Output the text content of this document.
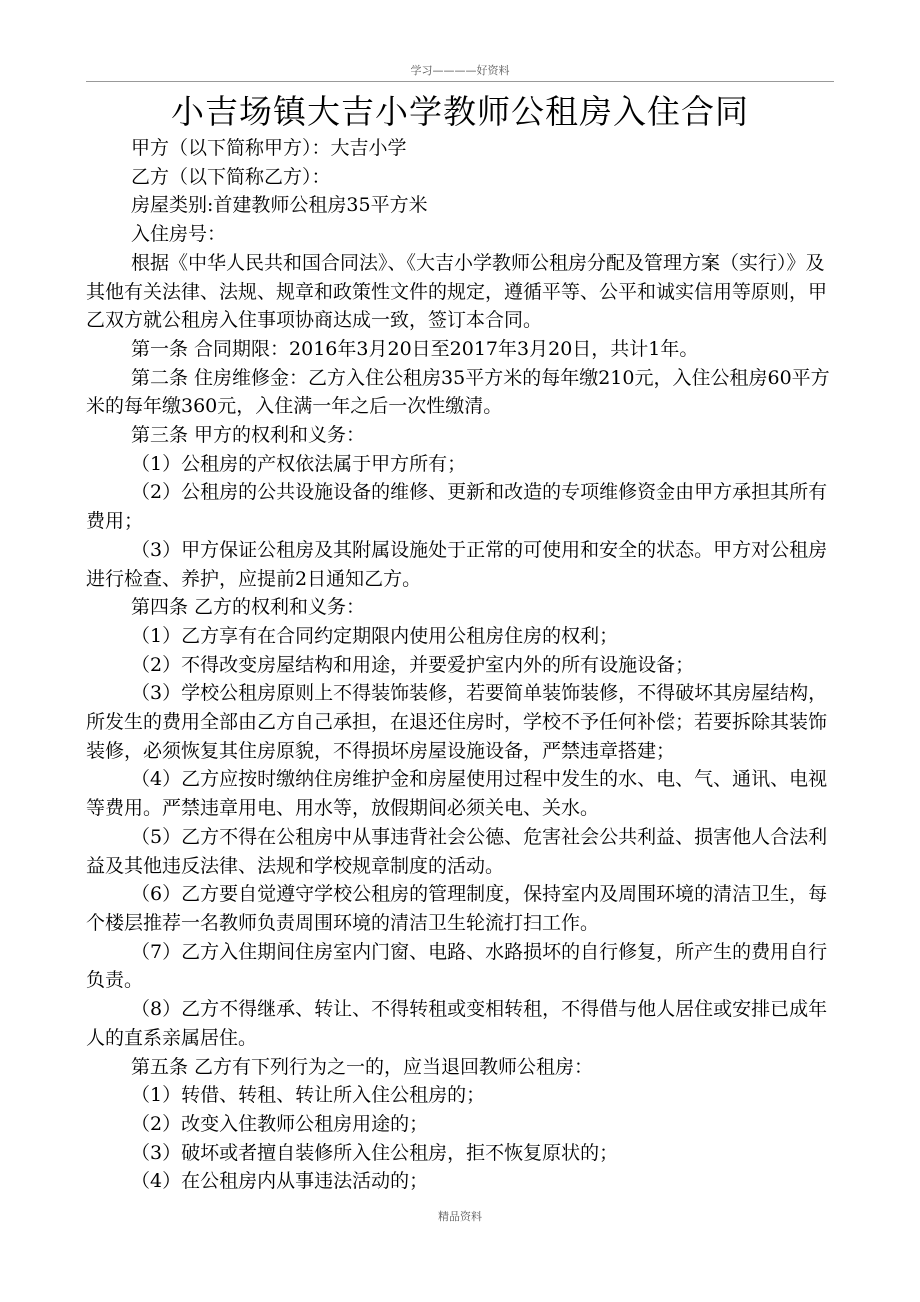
学习————好资料
小吉场镇大吉小学教师公租房入住合同

甲方（以下简称甲方）：大吉小学

乙方（以下简称乙方）：

房屋类别:首建教师公租房35平方米

入住房号：

根据《中华人民共和国合同法》、《大吉小学教师公租房分配及管理方案（实行）》及其他有关法律、法规、规章和政策性文件的规定，遵循平等、公平和诚实信用等原则，甲乙双方就公租房入住事项协商达成一致，签订本合同。

第一条 合同期限：2016年3月20日至2017年3月20日，共计1年。

第二条 住房维修金：乙方入住公租房35平方米的每年缴210元，入住公租房60平方米的每年缴360元，入住满一年之后一次性缴清。

第三条 甲方的权利和义务：

（1）公租房的产权依法属于甲方所有；

（2）公租房的公共设施设备的维修、更新和改造的专项维修资金由甲方承担其所有费用；

（3）甲方保证公租房及其附属设施处于正常的可使用和安全的状态。甲方对公租房进行检查、养护，应提前2日通知乙方。

第四条 乙方的权利和义务：

（1）乙方享有在合同约定期限内使用公租房住房的权利；

（2）不得改变房屋结构和用途，并要爱护室内外的所有设施设备；

（3）学校公租房原则上不得装饰装修，若要简单装饰装修，不得破坏其房屋结构，所发生的费用全部由乙方自己承担，在退还住房时，学校不予任何补偿；若要拆除其装饰装修，必须恢复其住房原貌，不得损坏房屋设施设备，严禁违章搭建；

（4）乙方应按时缴纳住房维护金和房屋使用过程中发生的水、电、气、通讯、电视等费用。严禁违章用电、用水等，放假期间必须关电、关水。

（5）乙方不得在公租房中从事违背社会公德、危害社会公共利益、损害他人合法利益及其他违反法律、法规和学校规章制度的活动。

（6）乙方要自觉遵守学校公租房的管理制度，保持室内及周围环境的清洁卫生，每个楼层推荐一名教师负责周围环境的清洁卫生轮流打扫工作。

（7）乙方入住期间住房室内门窗、电路、水路损坏的自行修复，所产生的费用自行负责。

（8）乙方不得继承、转让、不得转租或变相转租，不得借与他人居住或安排已成年人的直系亲属居住。

第五条 乙方有下列行为之一的，应当退回教师公租房：

（1）转借、转租、转让所入住公租房的；

（2）改变入住教师公租房用途的；

（3）破坏或者擅自装修所入住公租房，拒不恢复原状的；

（4）在公租房内从事违法活动的；

精品资料
